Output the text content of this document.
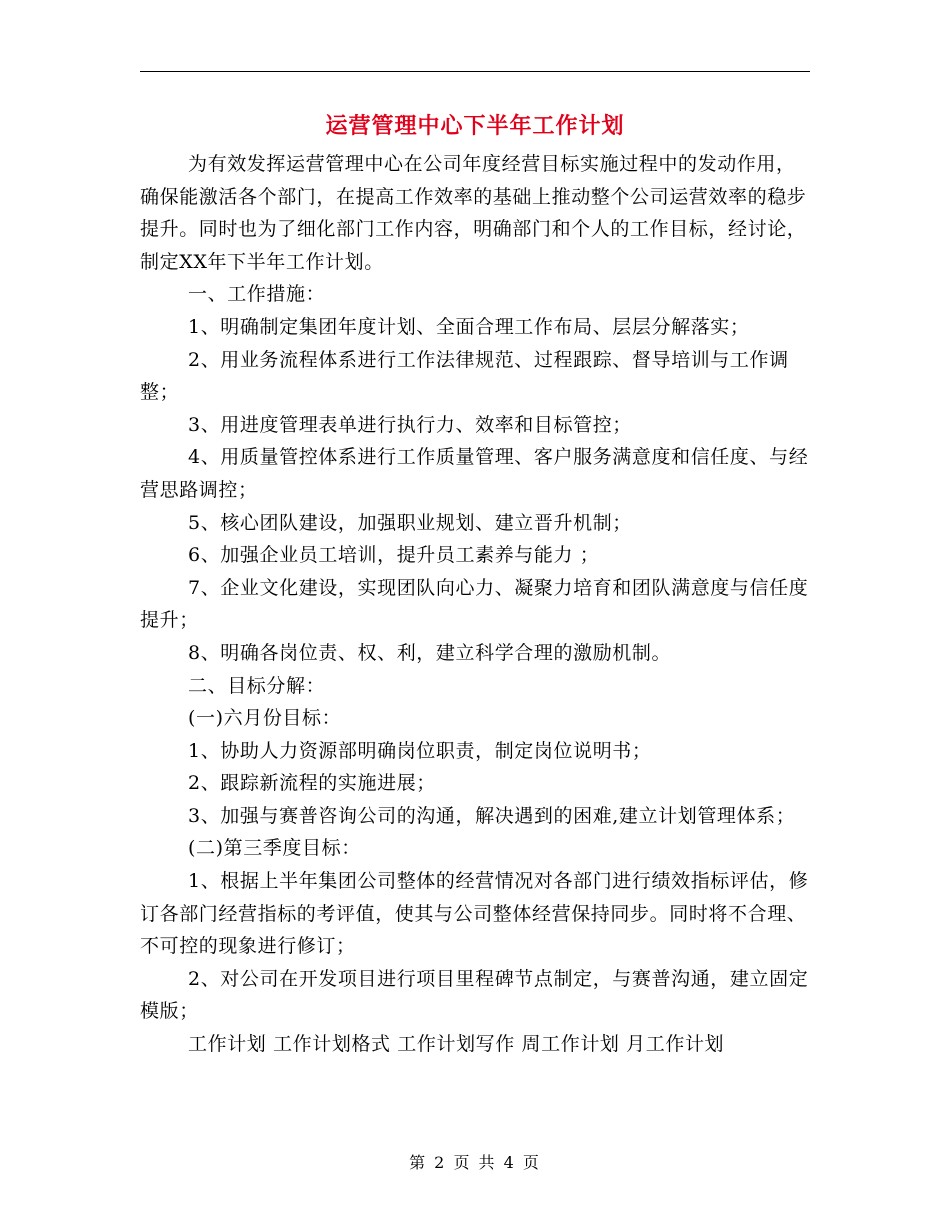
运营管理中心下半年工作计划

为有效发挥运营管理中心在公司年度经营目标实施过程中的发动作用，确保能激活各个部门，在提高工作效率的基础上推动整个公司运营效率的稳步提升。同时也为了细化部门工作内容，明确部门和个人的工作目标，经讨论，制定XX年下半年工作计划。

一、工作措施：

1、明确制定集团年度计划、全面合理工作布局、层层分解落实；

2、用业务流程体系进行工作法律规范、过程跟踪、督导培训与工作调整；

3、用进度管理表单进行执行力、效率和目标管控；

4、用质量管控体系进行工作质量管理、客户服务满意度和信任度、与经营思路调控；

5、核心团队建设，加强职业规划、建立晋升机制；

6、加强企业员工培训，提升员工素养与能力 ；

7、企业文化建设，实现团队向心力、凝聚力培育和团队满意度与信任度提升；

8、明确各岗位责、权、利，建立科学合理的激励机制。

二、目标分解：

(一)六月份目标：

1、协助人力资源部明确岗位职责，制定岗位说明书；

2、跟踪新流程的实施进展；

3、加强与赛普咨询公司的沟通，解决遇到的困难,建立计划管理体系；

(二)第三季度目标：

1、根据上半年集团公司整体的经营情况对各部门进行绩效指标评估，修订各部门经营指标的考评值，使其与公司整体经营保持同步。同时将不合理、不可控的现象进行修订；

2、对公司在开发项目进行项目里程碑节点制定，与赛普沟通，建立固定模版；

工作计划 工作计划格式 工作计划写作 周工作计划 月工作计划

第 2 页 共 4 页
